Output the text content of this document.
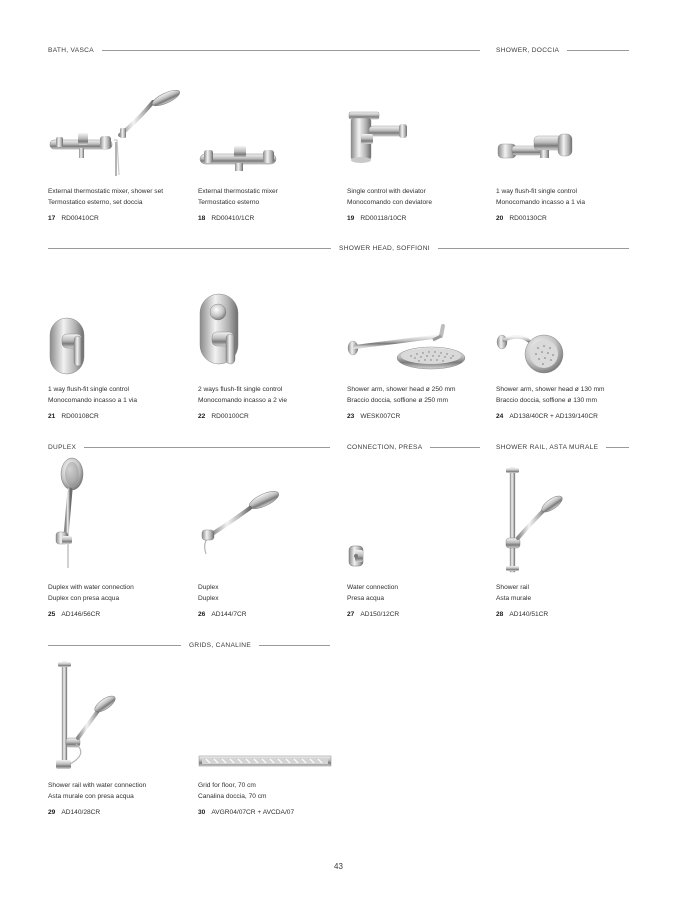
BATH, VASCA	SHOWER, DOCCIA
SHOWER HEAD, SOFFIONI
DUPLEX	CONNECTION, PRESA	SHOWER RAIL, ASTA MURALE
GRIDS, CANALINE
External thermostatic mixer, shower set
Termostatico esterno, set doccia
17 RD00410CR
External thermostatic mixer
Termostatico esterno
18 RD00410/1CR
Single control with deviator
Monocomando con deviatore
19 RD00118/10CR
1 way flush-fit single control
Monocomando incasso a 1 via
20 RD00130CR
1 way flush-fit single control
Monocomando incasso a 1 via
21 RD00108CR
2 ways flush-fit single control
Monocomando incasso a 2 vie
22 RD00100CR
Shower arm, shower head ø 250 mm
Braccio doccia, soffione ø 250 mm
23 WESK007CR
Shower arm, shower head ø 130 mm
Braccio doccia, soffione ø 130 mm
24 AD138/40CR + AD139/140CR
Duplex with water connection
Duplex con presa acqua
25 AD146/56CR
Duplex
Duplex
26 AD144/7CR
Water connection
Presa acqua
27 AD150/12CR
Shower rail
Asta murale
28 AD140/51CR
Shower rail with water connection
Asta murale con presa acqua
29 AD140/28CR
Grid for floor, 70 cm
Canalina doccia, 70 cm
30 AVGR04/07CR + AVCDA/07
43
